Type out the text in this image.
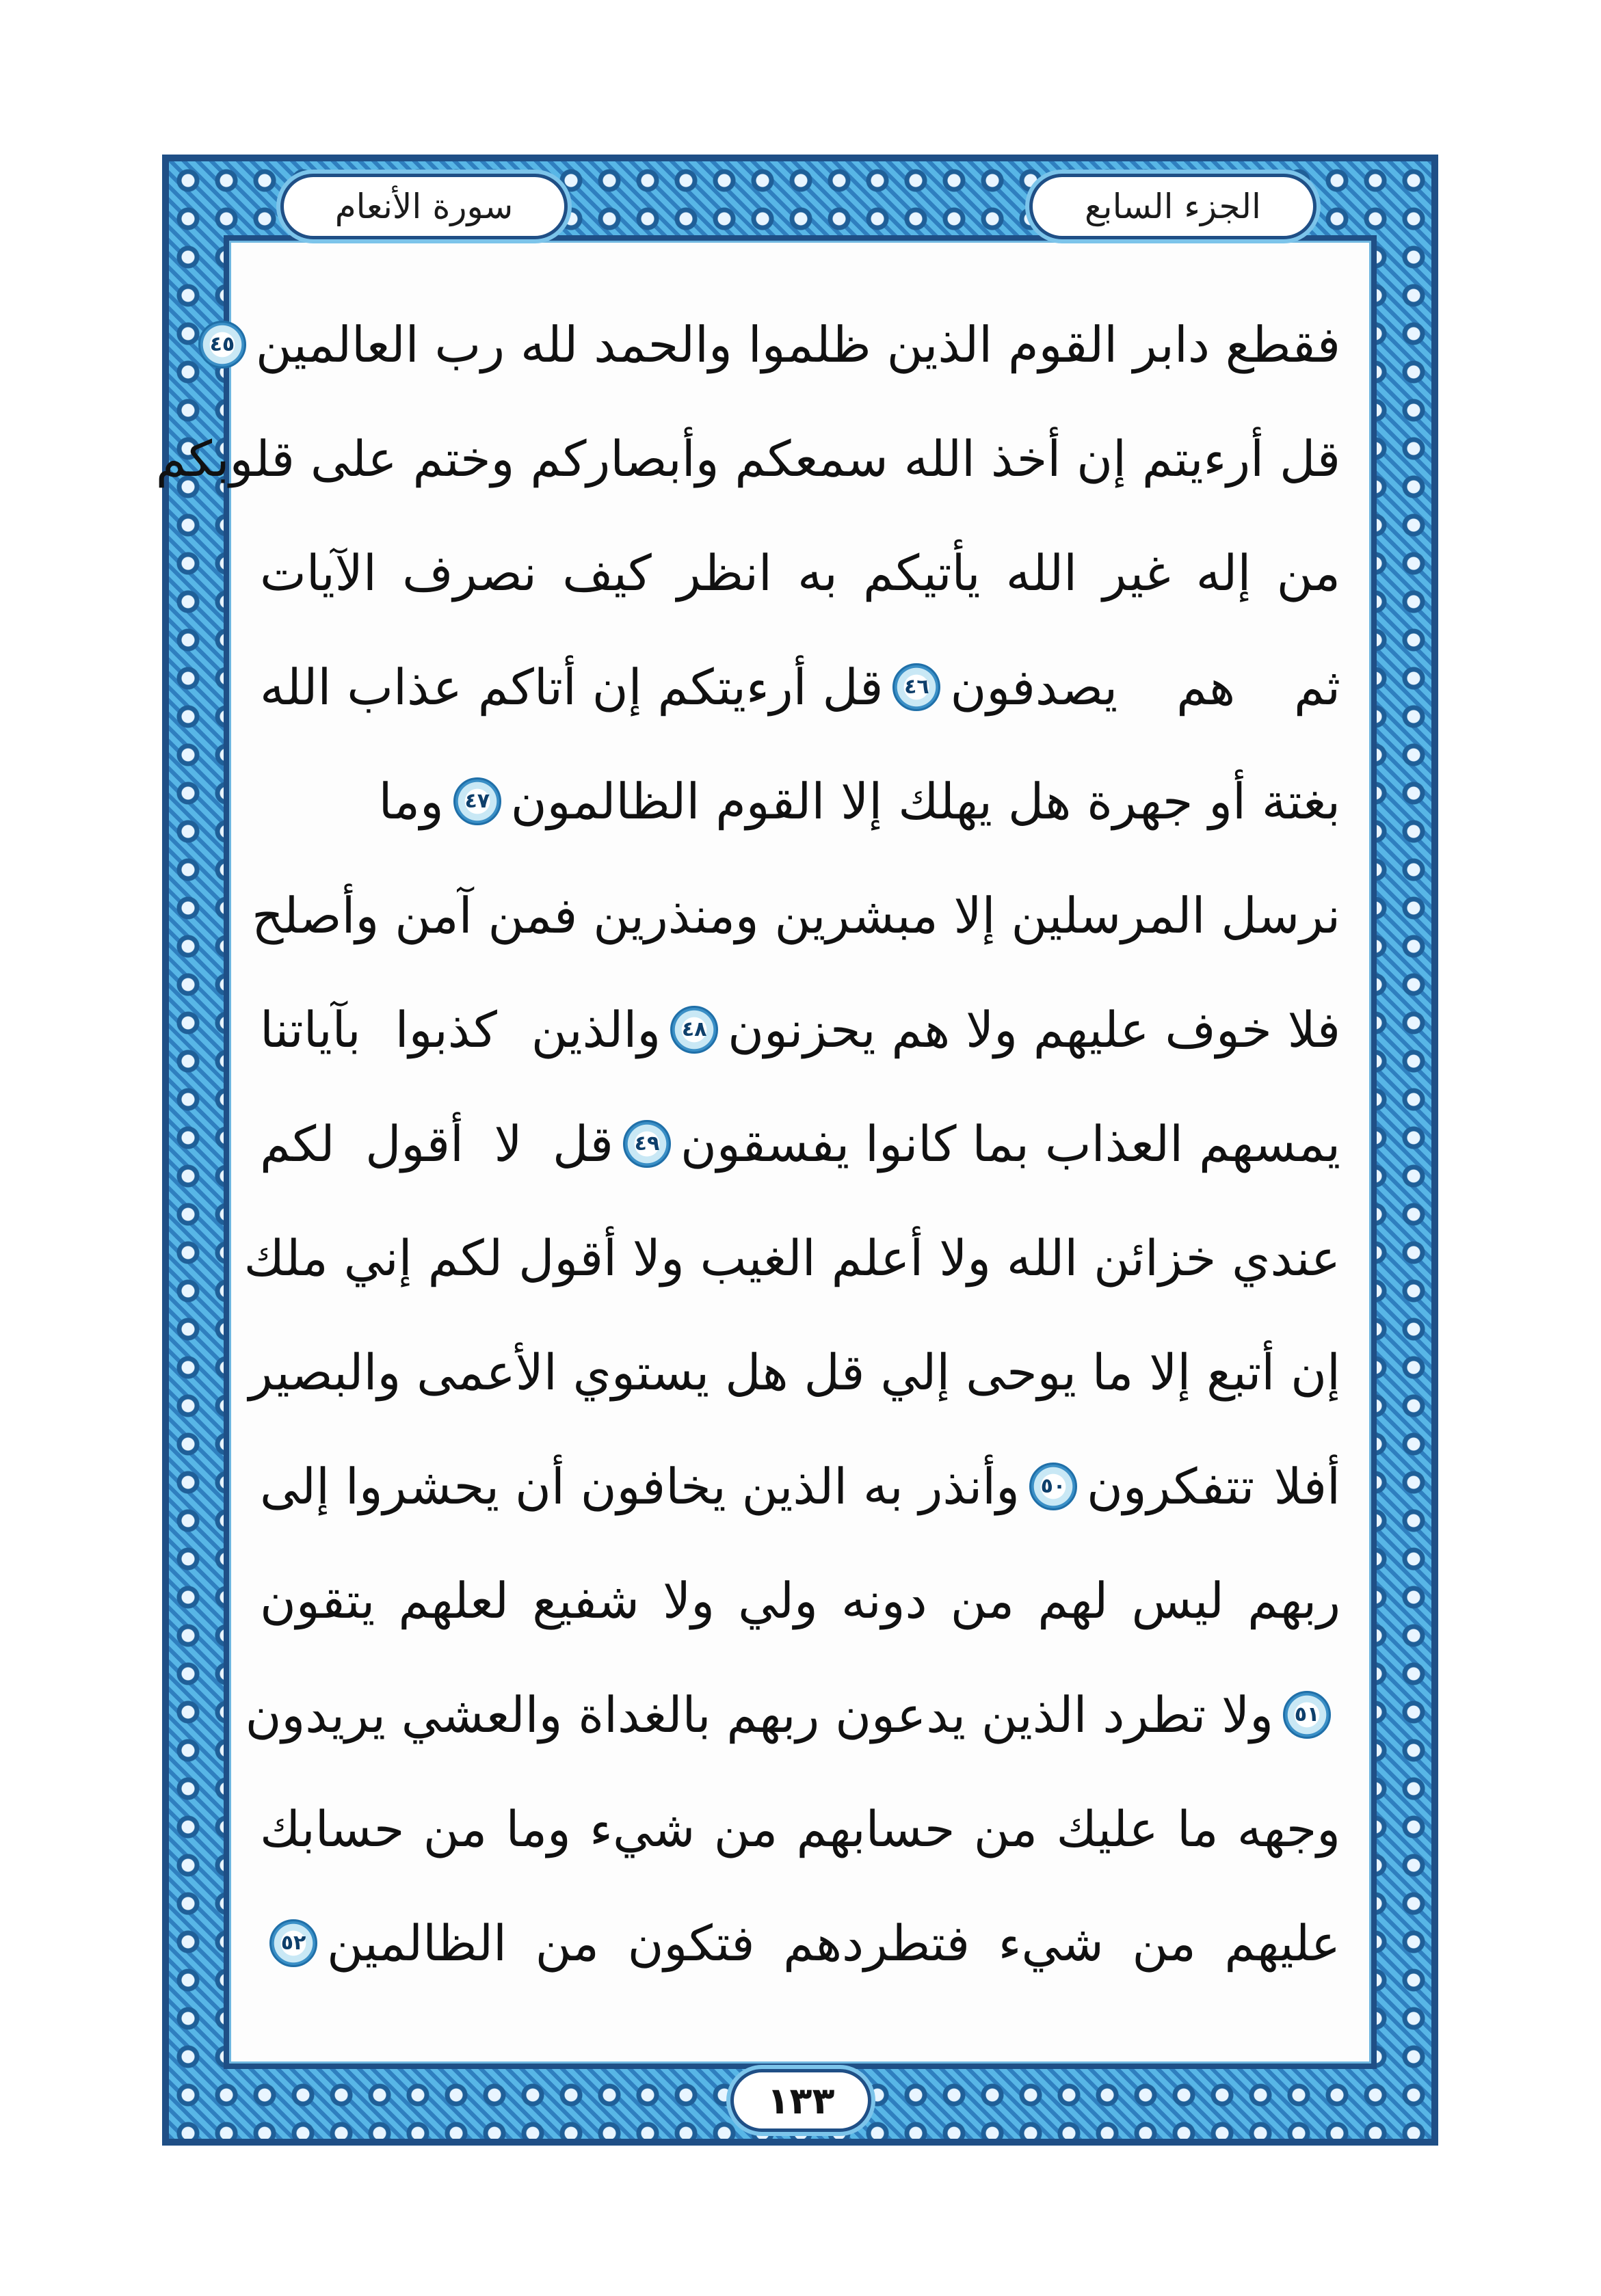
سورة الأنعام	الجزء السابع
فقطع دابر القوم الذين ظلموا والحمد لله رب العالمين
٤٥
قل أرءيتم إن أخذ الله سمعكم وأبصاركم وختم على قلوبكم
من إله غير الله يأتيكم به انظر كيف نصرف الآيات
ثم هم يصدفون
٤٦
قل أرءيتكم إن أتاكم عذاب الله
بغتة أو جهرة هل يهلك إلا القوم الظالمون
٤٧
وما
نرسل المرسلين إلا مبشرين ومنذرين فمن آمن وأصلح
فلا خوف عليهم ولا هم يحزنون
٤٨
والذين كذبوا بآياتنا
يمسهم العذاب بما كانوا يفسقون
٤٩
قل لا أقول لكم
عندي خزائن الله ولا أعلم الغيب ولا أقول لكم إني ملك
إن أتبع إلا ما يوحى إلي قل هل يستوي الأعمى والبصير
أفلا تتفكرون
٥٠
وأنذر به الذين يخافون أن يحشروا إلى
ربهم ليس لهم من دونه ولي ولا شفيع لعلهم يتقون
٥١
ولا تطرد الذين يدعون ربهم بالغداة والعشي يريدون
وجهه ما عليك من حسابهم من شيء وما من حسابك
عليهم من شيء فتطردهم فتكون من الظالمين
٥٢
١٣٣
